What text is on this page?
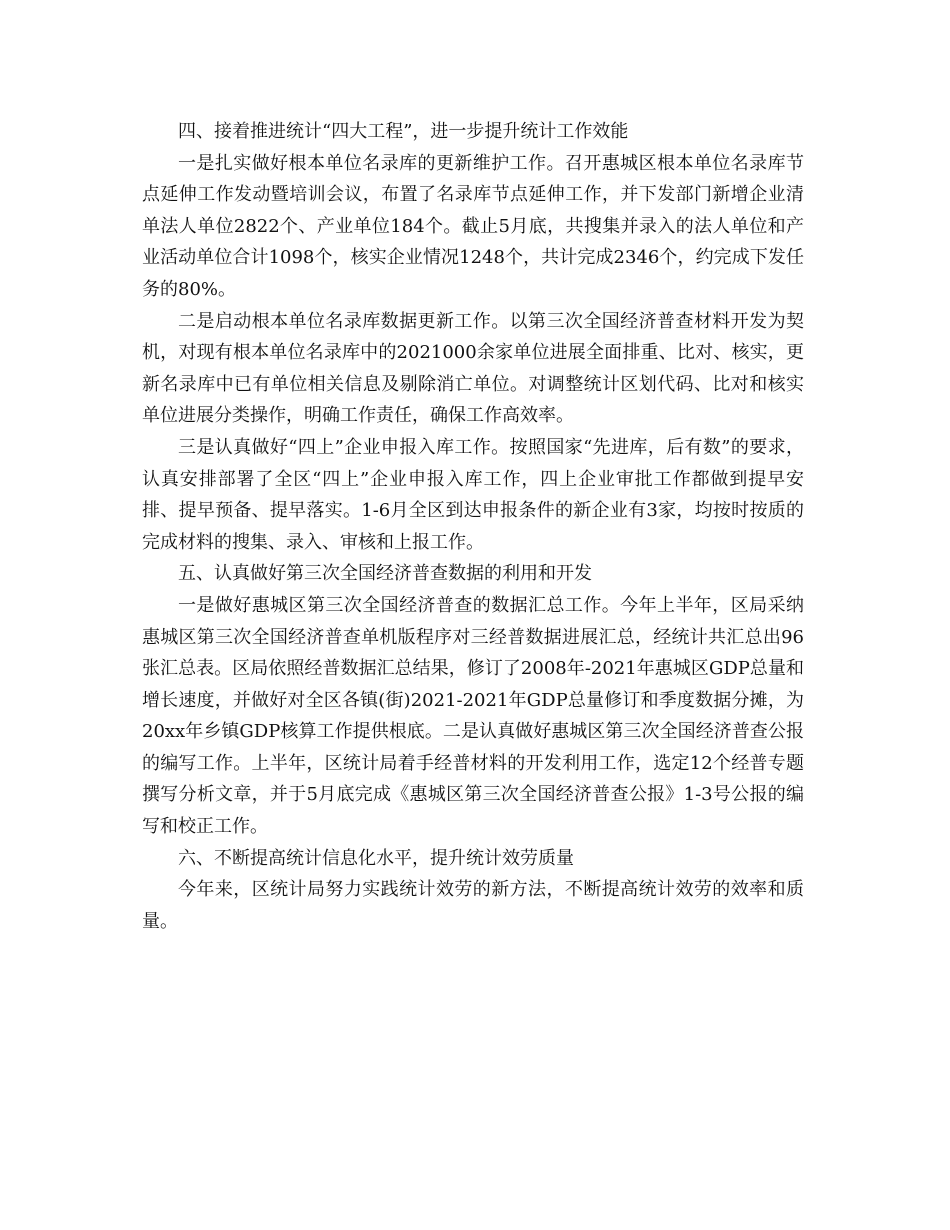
四、接着推进统计“四大工程”，进一步提升统计工作效能

一是扎实做好根本单位名录库的更新维护工作。召开惠城区根本单位名录库节点延伸工作发动暨培训会议，布置了名录库节点延伸工作，并下发部门新增企业清单法人单位2822个、产业单位184个。截止5月底，共搜集并录入的法人单位和产业活动单位合计1098个，核实企业情况1248个，共计完成2346个，约完成下发任务的80%。

二是启动根本单位名录库数据更新工作。以第三次全国经济普查材料开发为契机，对现有根本单位名录库中的2021000余家单位进展全面排重、比对、核实，更新名录库中已有单位相关信息及剔除消亡单位。对调整统计区划代码、比对和核实单位进展分类操作，明确工作责任，确保工作高效率。

三是认真做好“四上”企业申报入库工作。按照国家“先进库，后有数”的要求，认真安排部署了全区“四上”企业申报入库工作，四上企业审批工作都做到提早安排、提早预备、提早落实。1-6月全区到达申报条件的新企业有3家，均按时按质的完成材料的搜集、录入、审核和上报工作。

五、认真做好第三次全国经济普查数据的利用和开发

一是做好惠城区第三次全国经济普查的数据汇总工作。今年上半年，区局采纳惠城区第三次全国经济普查单机版程序对三经普数据进展汇总，经统计共汇总出96张汇总表。区局依照经普数据汇总结果，修订了2008年-2021年惠城区GDP总量和增长速度，并做好对全区各镇(街)2021-2021年GDP总量修订和季度数据分摊，为20xx年乡镇GDP核算工作提供根底。二是认真做好惠城区第三次全国经济普查公报的编写工作。上半年，区统计局着手经普材料的开发利用工作，选定12个经普专题撰写分析文章，并于5月底完成《惠城区第三次全国经济普查公报》1-3号公报的编写和校正工作。

六、不断提高统计信息化水平，提升统计效劳质量

今年来，区统计局努力实践统计效劳的新方法，不断提高统计效劳的效率和质量。
